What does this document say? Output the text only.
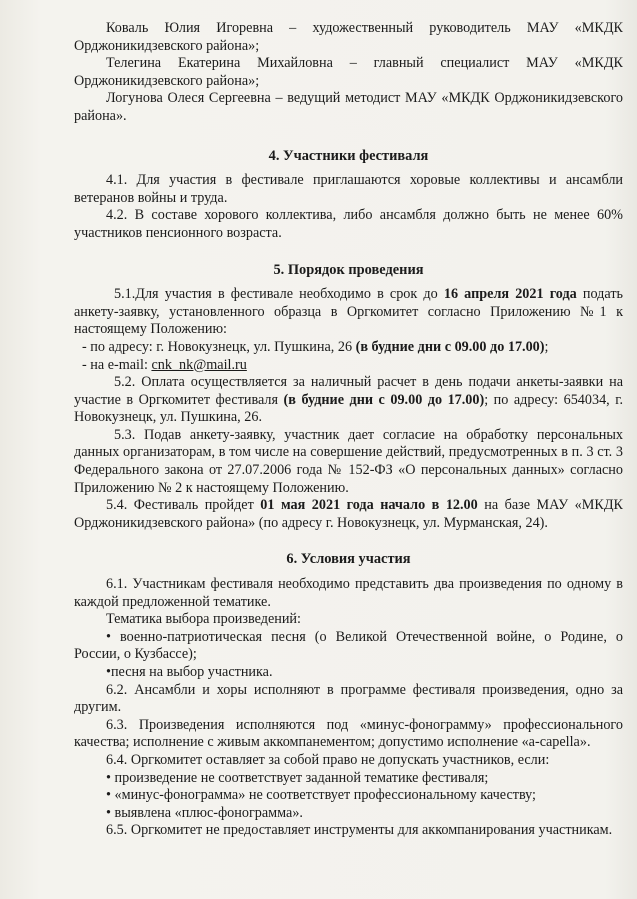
Коваль Юлия Игоревна – художественный руководитель МАУ «МКДК Орджоникидзевского района»;

Телегина Екатерина Михайловна – главный специалист МАУ «МКДК Орджоникидзевского района»;

Логунова Олеся Сергеевна – ведущий методист МАУ «МКДК Орджоникидзевского района».

4. Участники фестиваля

4.1. Для участия в фестивале приглашаются хоровые коллективы и ансамбли ветеранов войны и труда.

4.2. В составе хорового коллектива, либо ансамбля должно быть не менее 60% участников пенсионного возраста.

5. Порядок проведения

5.1.Для участия в фестивале необходимо в срок до 16 апреля 2021 года подать анкету-заявку, установленного образца в Оргкомитет согласно Приложению №1 к настоящему Положению:

- по адресу: г. Новокузнецк, ул. Пушкина, 26 (в будние дни с 09.00 до 17.00);

- на e-mail: cnk_nk@mail.ru

5.2. Оплата осуществляется за наличный расчет в день подачи анкеты-заявки на участие в Оргкомитет фестиваля (в будние дни с 09.00 до 17.00); по адресу: 654034, г. Новокузнецк, ул. Пушкина, 26.

5.3. Подав анкету-заявку, участник дает согласие на обработку персональных данных организаторам, в том числе на совершение действий, предусмотренных в п. 3 ст. 3 Федерального закона от 27.07.2006 года № 152-ФЗ «О персональных данных» согласно Приложению № 2 к настоящему Положению.

5.4. Фестиваль пройдет 01 мая 2021 года начало в 12.00 на базе МАУ «МКДК Орджоникидзевского района» (по адресу г. Новокузнецк, ул. Мурманская, 24).

6. Условия участия

6.1. Участникам фестиваля необходимо представить два произведения по одному в каждой предложенной тематике.

Тематика выбора произведений:

• военно-патриотическая песня (о Великой Отечественной войне, о Родине, о России, о Кузбассе);

•песня на выбор участника.

6.2. Ансамбли и хоры исполняют в программе фестиваля произведения, одно за другим.

6.3. Произведения исполняются под «минус-фонограмму» профессионального качества; исполнение с живым аккомпанементом; допустимо исполнение «а-capella».

6.4. Оргкомитет оставляет за собой право не допускать участников, если:

• произведение не соответствует заданной тематике фестиваля;

• «минус-фонограмма» не соответствует профессиональному качеству;

• выявлена «плюс-фонограмма».

6.5. Оргкомитет не предоставляет инструменты для аккомпанирования участникам.
